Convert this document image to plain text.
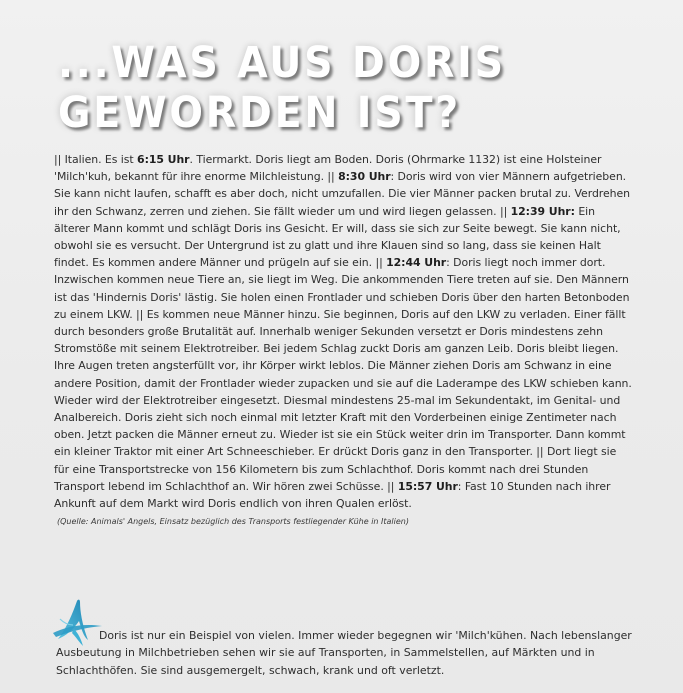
...WAS AUS DORIS
GEWORDEN IST?

|| Italien. Es ist 6:15 Uhr. Tiermarkt. Doris liegt am Boden. Doris (Ohrmarke 1132) ist eine Holsteiner 'Milch'kuh, bekannt für ihre enorme Milchleistung. || 8:30 Uhr: Doris wird von vier Männern aufgetrieben. Sie kann nicht laufen, schafft es aber doch, nicht umzufallen. Die vier Männer packen brutal zu. Verdrehen ihr den Schwanz, zerren und ziehen. Sie fällt wieder um und wird liegen gelassen. || 12:39 Uhr: Ein älterer Mann kommt und schlägt Doris ins Gesicht. Er will, dass sie sich zur Seite bewegt. Sie kann nicht, obwohl sie es versucht. Der Untergrund ist zu glatt und ihre Klauen sind so lang, dass sie keinen Halt findet. Es kommen andere Männer und prügeln auf sie ein. || 12:44 Uhr: Doris liegt noch immer dort. Inzwischen kommen neue Tiere an, sie liegt im Weg. Die ankommenden Tiere treten auf sie. Den Männern ist das 'Hindernis Doris' lästig. Sie holen einen Frontlader und schieben Doris über den harten Betonboden zu einem LKW. || Es kommen neue Männer hinzu. Sie beginnen, Doris auf den LKW zu verladen. Einer fällt durch besonders große Brutalität auf. Innerhalb weniger Sekunden versetzt er Doris mindestens zehn Stromstöße mit seinem Elektrotreiber. Bei jedem Schlag zuckt Doris am ganzen Leib. Doris bleibt liegen. Ihre Augen treten angsterfüllt vor, ihr Körper wirkt leblos. Die Männer ziehen Doris am Schwanz in eine andere Position, damit der Frontlader wieder zupacken und sie auf die Laderampe des LKW schieben kann. Wieder wird der Elektrotreiber eingesetzt. Diesmal mindestens 25-mal im Sekundentakt, im Genital- und Analbereich. Doris zieht sich noch einmal mit letzter Kraft mit den Vorderbeinen einige Zentimeter nach oben. Jetzt packen die Männer erneut zu. Wieder ist sie ein Stück weiter drin im Transporter. Dann kommt ein kleiner Traktor mit einer Art Schneeschieber. Er drückt Doris ganz in den Transporter. || Dort liegt sie für eine Transportstrecke von 156 Kilometern bis zum Schlachthof. Doris kommt nach drei Stunden Transport lebend im Schlachthof an. Wir hören zwei Schüsse. || 15:57 Uhr: Fast 10 Stunden nach ihrer Ankunft auf dem Markt wird Doris endlich von ihren Qualen erlöst.

(Quelle: Animals' Angels, Einsatz bezüglich des Transports festliegender Kühe in Italien)

Doris ist nur ein Beispiel von vielen. Immer wieder begegnen wir 'Milch'kühen. Nach lebenslanger Ausbeutung in Milchbetrieben sehen wir sie auf Transporten, in Sammelstellen, auf Märkten und in Schlachthöfen. Sie sind ausgemergelt, schwach, krank und oft verletzt.
